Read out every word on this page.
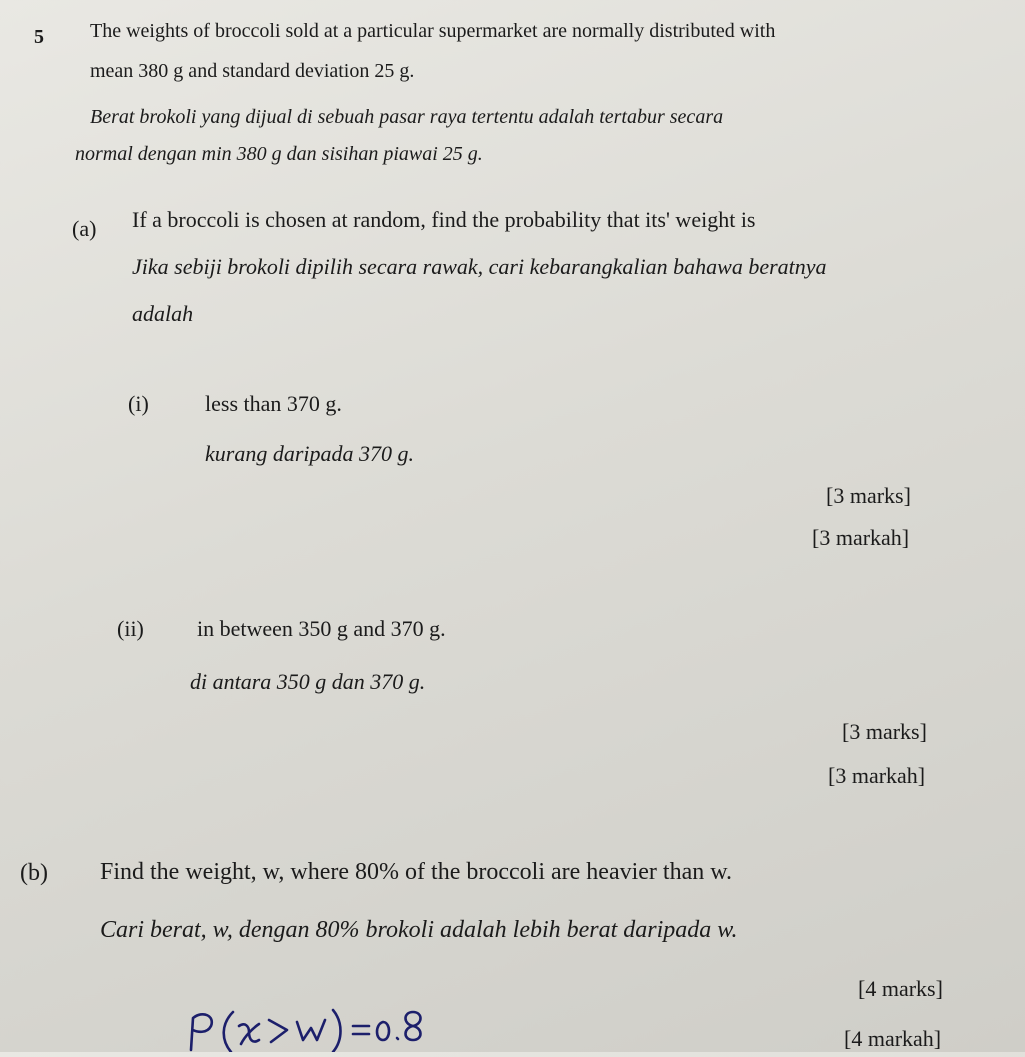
5 The weights of broccoli sold at a particular supermarket are normally distributed with
mean 380 g and standard deviation 25 g.
Berat brokoli yang dijual di sebuah pasar raya tertentu adalah tertabur secara
normal dengan min 380 g dan sisihan piawai 25 g.
(a) If a broccoli is chosen at random, find the probability that its' weight is
Jika sebiji brokoli dipilih secara rawak, cari kebarangkalian bahawa beratnya
adalah
(i)	less than 370 g.
kurang daripada 370 g.
[3 marks]
[3 markah]
(ii) in between 350 g and 370 g.
di antara 350 g dan 370 g.
[3 marks]
[3 markah]
(b) Find the weight, w, where 80% of the broccoli are heavier than w.
Cari berat, w, dengan 80% brokoli adalah lebih berat daripada w.
[4 marks]
[4 markah]
